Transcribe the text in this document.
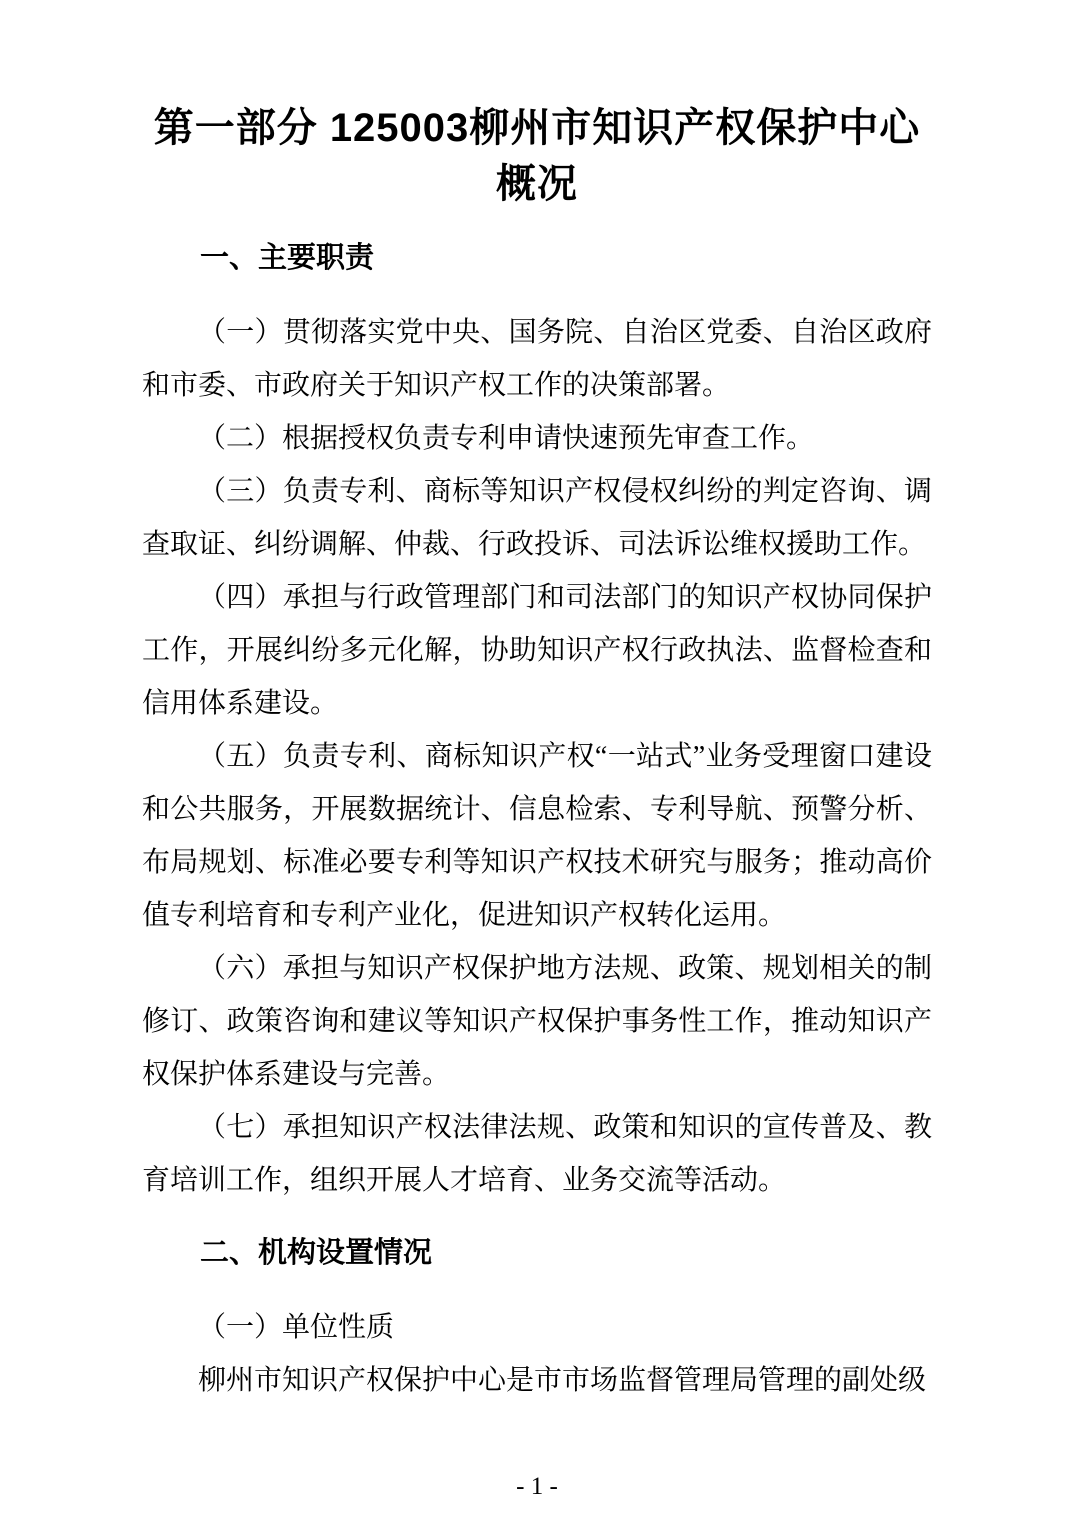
第一部分 125003柳州市知识产权保护中心
概况
一、主要职责

（一）贯彻落实党中央、国务院、自治区党委、自治区政府和市委、市政府关于知识产权工作的决策部署。

（二）根据授权负责专利申请快速预先审查工作。

（三）负责专利、商标等知识产权侵权纠纷的判定咨询、调查取证、纠纷调解、仲裁、行政投诉、司法诉讼维权援助工作。

（四）承担与行政管理部门和司法部门的知识产权协同保护工作，开展纠纷多元化解，协助知识产权行政执法、监督检查和信用体系建设。

（五）负责专利、商标知识产权“一站式”业务受理窗口建设和公共服务，开展数据统计、信息检索、专利导航、预警分析、布局规划、标准必要专利等知识产权技术研究与服务；推动高价值专利培育和专利产业化，促进知识产权转化运用。

（六）承担与知识产权保护地方法规、政策、规划相关的制修订、政策咨询和建议等知识产权保护事务性工作，推动知识产权保护体系建设与完善。

（七）承担知识产权法律法规、政策和知识的宣传普及、教育培训工作，组织开展人才培育、业务交流等活动。

二、机构设置情况

（一）单位性质

柳州市知识产权保护中心是市市场监督管理局管理的副处级

- 1 -
